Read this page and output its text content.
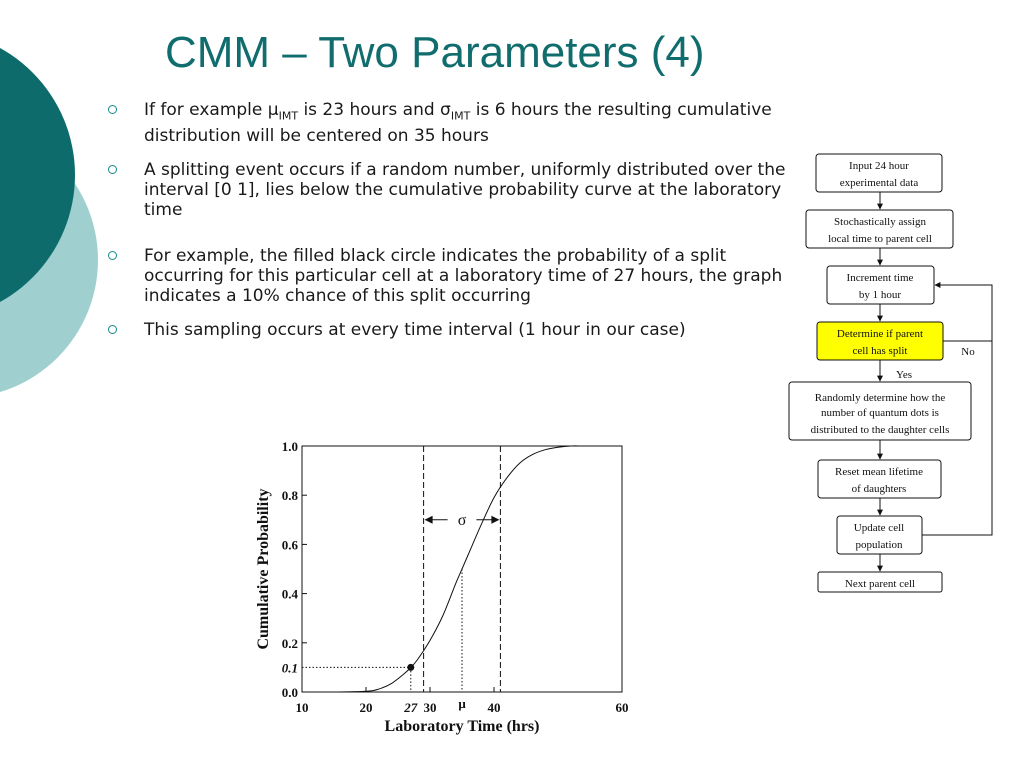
CMM – Two Parameters (4)
If for example $\mu_{IMT}$ is 23 hours and $\sigma_{IMT}$ is 6 hours the resulting cumulative distribution will be centered on 35 hours
A splitting event occurs if a random number, uniformly distributed over the interval [0 1], lies below the cumulative probability curve at the laboratory time
For example, the filled black circle indicates the probability of a split occurring for this particular cell at a laboratory time of 27 hours, the graph indicates a 10% chance of this split occurring
This sampling occurs at every time interval (1 hour in our case)
Input 24 hour
experimental data
Stochastically assign
local time to parent cell
Increment time
by 1 hour
Determine if parent
cell has split
Randomly determine how the
number of quantum dots is
distributed to the daughter cells
Reset mean lifetime
of daughters
Update cell
population
Next parent cell
No
Yes
10	20	30	40	60
0.0
0.2
0.4
0.6
0.8
1.0
σ
μ
27
0.1
Laboratory Time (hrs)
Cumulative Probability
